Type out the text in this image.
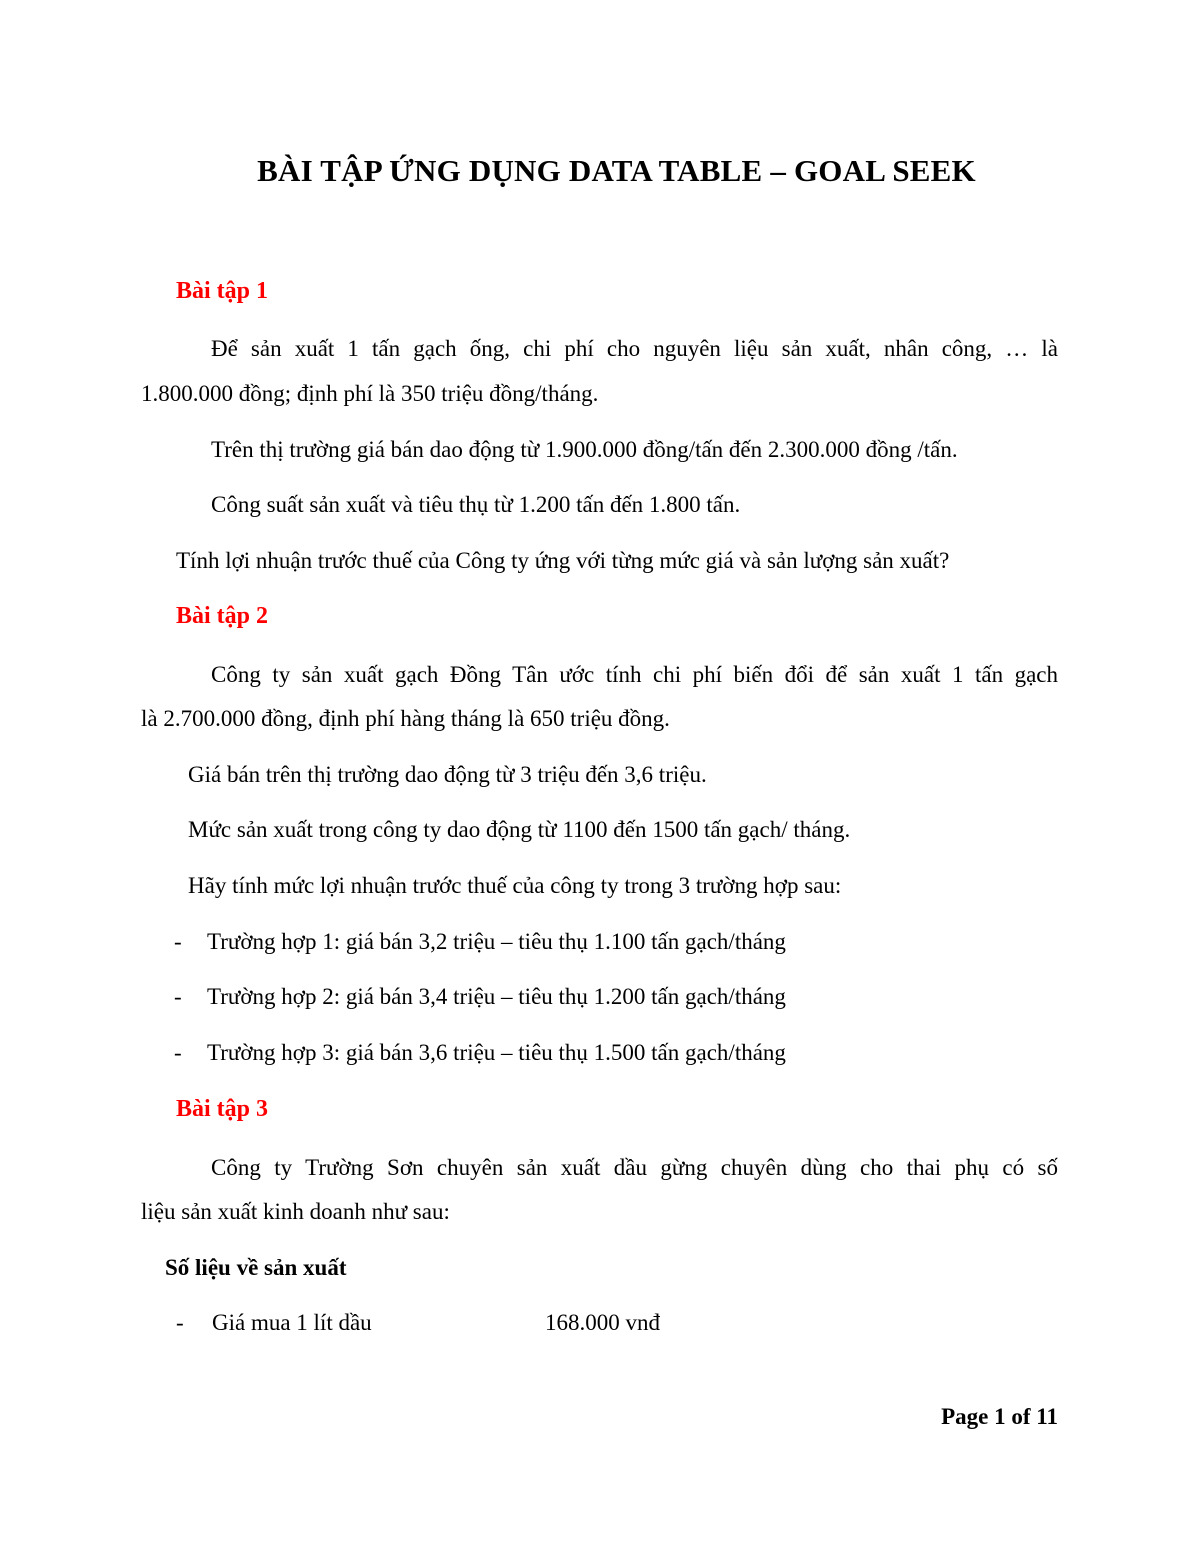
BÀI TẬP ỨNG DỤNG DATA TABLE – GOAL SEEK
Bài tập 1
Để sản xuất 1 tấn gạch ống, chi phí cho nguyên liệu sản xuất, nhân công, … là
1.800.000 đồng; định phí là 350 triệu đồng/tháng.
Trên thị trường giá bán dao động từ 1.900.000 đồng/tấn đến 2.300.000 đồng /tấn.
Công suất sản xuất và tiêu thụ từ 1.200 tấn đến 1.800 tấn.
Tính lợi nhuận trước thuế của Công ty ứng với từng mức giá và sản lượng sản xuất?
Bài tập 2
Công ty sản xuất gạch Đồng Tân ước tính chi phí biến đổi để sản xuất 1 tấn gạch
là 2.700.000 đồng, định phí hàng tháng là 650 triệu đồng.
Giá bán trên thị trường dao động từ 3 triệu đến 3,6 triệu.
Mức sản xuất trong công ty dao động từ 1100 đến 1500 tấn gạch/ tháng.
Hãy tính mức lợi nhuận trước thuế của công ty trong 3 trường hợp sau:
- Trường hợp 1: giá bán 3,2 triệu – tiêu thụ 1.100 tấn gạch/tháng
- Trường hợp 2: giá bán 3,4 triệu – tiêu thụ 1.200 tấn gạch/tháng
- Trường hợp 3: giá bán 3,6 triệu – tiêu thụ 1.500 tấn gạch/tháng
Bài tập 3
Công ty Trường Sơn chuyên sản xuất dầu gừng chuyên dùng cho thai phụ có số
liệu sản xuất kinh doanh như sau:
Số liệu về sản xuất
- Giá mua 1 lít dầu	168.000 vnđ
Page 1 of 11
